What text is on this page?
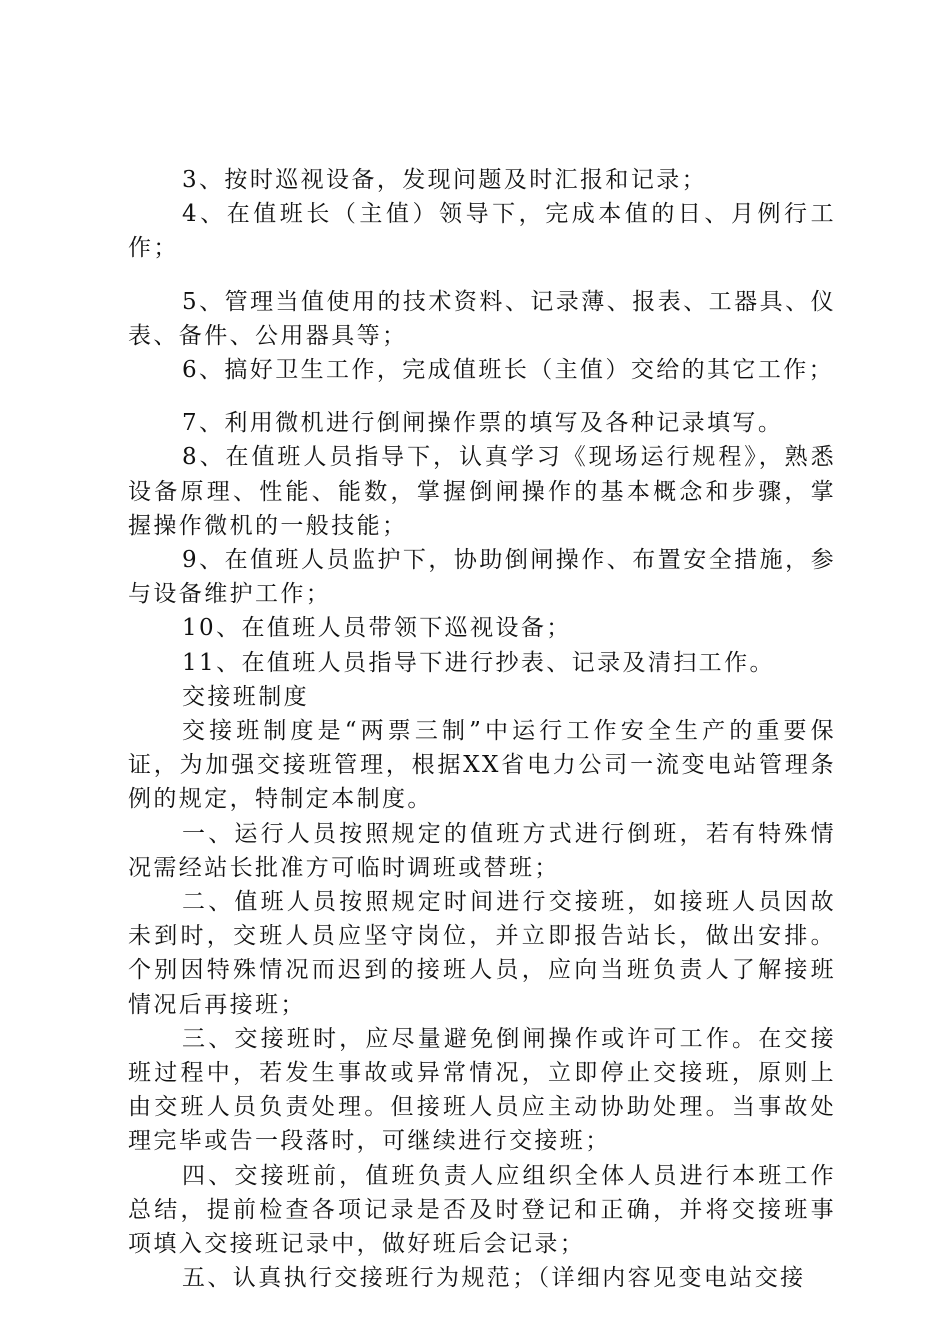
3、按时巡视设备，发现问题及时汇报和记录；

4、在值班长（主值）领导下，完成本值的日、月例行工作；

5、管理当值使用的技术资料、记录薄、报表、工器具、仪表、备件、公用器具等；

6、搞好卫生工作，完成值班长（主值）交给的其它工作；

7、利用微机进行倒闸操作票的填写及各种记录填写。

8、在值班人员指导下，认真学习《现场运行规程》，熟悉设备原理、性能、能数，掌握倒闸操作的基本概念和步骤，掌握操作微机的一般技能；

9、在值班人员监护下，协助倒闸操作、布置安全措施，参与设备维护工作；

10、在值班人员带领下巡视设备；

11、在值班人员指导下进行抄表、记录及清扫工作。

交接班制度

交接班制度是“两票三制”中运行工作安全生产的重要保证，为加强交接班管理，根据XX省电力公司一流变电站管理条例的规定，特制定本制度。

一、运行人员按照规定的值班方式进行倒班，若有特殊情况需经站长批准方可临时调班或替班；

二、值班人员按照规定时间进行交接班，如接班人员因故未到时，交班人员应坚守岗位，并立即报告站长，做出安排。个别因特殊情况而迟到的接班人员，应向当班负责人了解接班情况后再接班；

三、交接班时，应尽量避免倒闸操作或许可工作。在交接班过程中，若发生事故或异常情况，立即停止交接班，原则上由交班人员负责处理。但接班人员应主动协助处理。当事故处理完毕或告一段落时，可继续进行交接班；

四、交接班前，值班负责人应组织全体人员进行本班工作总结，提前检查各项记录是否及时登记和正确，并将交接班事项填入交接班记录中，做好班后会记录；

五、认真执行交接班行为规范；（详细内容见变电站交接
